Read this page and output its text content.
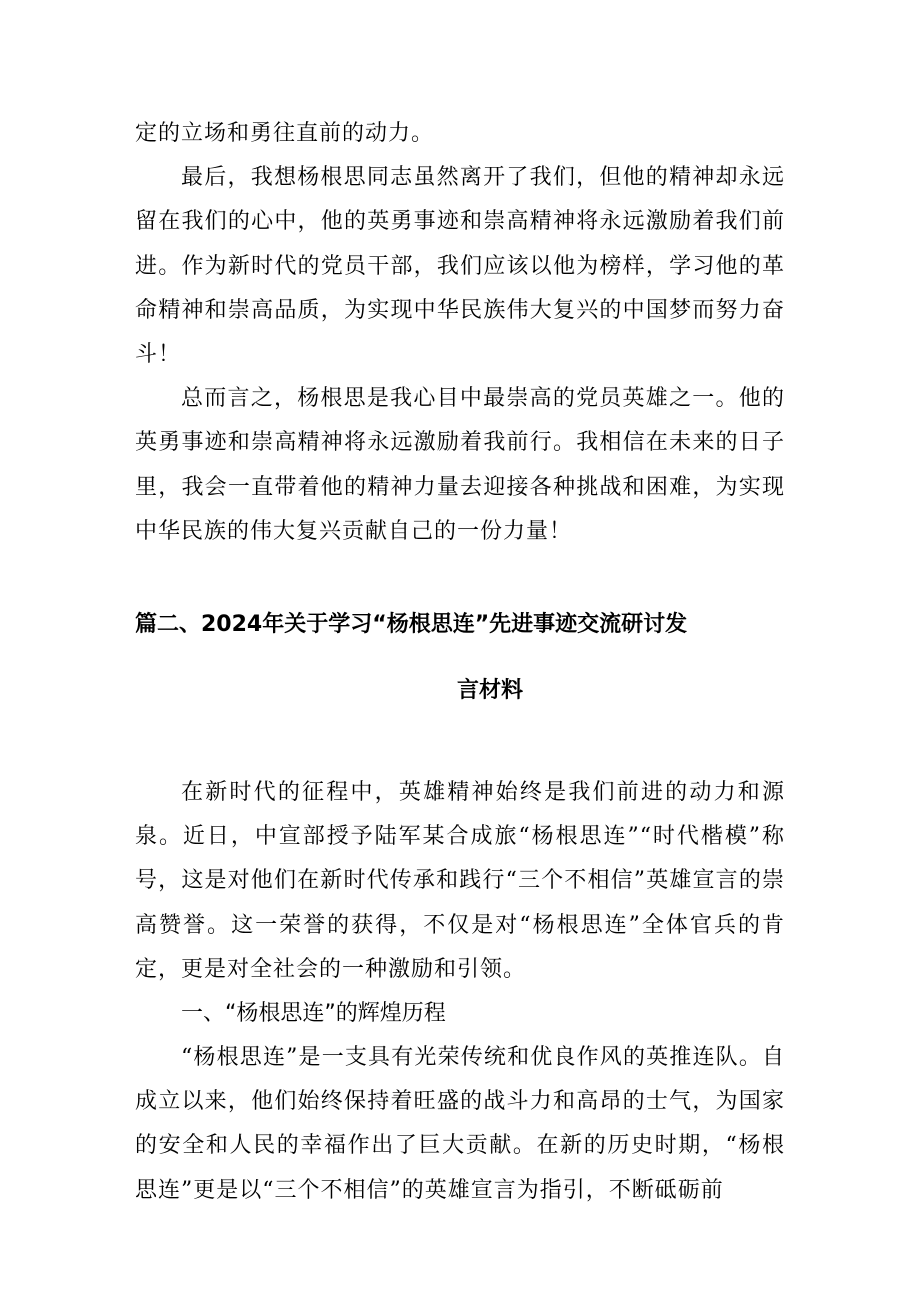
定的立场和勇往直前的动力。

最后，我想杨根思同志虽然离开了我们，但他的精神却永远留在我们的心中，他的英勇事迹和崇高精神将永远激励着我们前进。作为新时代的党员干部，我们应该以他为榜样，学习他的革命精神和崇高品质，为实现中华民族伟大复兴的中国梦而努力奋斗！

总而言之，杨根思是我心目中最崇高的党员英雄之一。他的英勇事迹和崇高精神将永远激励着我前行。我相信在未来的日子里，我会一直带着他的精神力量去迎接各种挑战和困难，为实现中华民族的伟大复兴贡献自己的一份力量！

篇二、2024年关于学习“杨根思连”先进事迹交流研讨发

言材料

在新时代的征程中，英雄精神始终是我们前进的动力和源泉。近日，中宣部授予陆军某合成旅“杨根思连”“时代楷模”称号，这是对他们在新时代传承和践行“三个不相信”英雄宣言的崇高赞誉。这一荣誉的获得，不仅是对“杨根思连”全体官兵的肯定，更是对全社会的一种激励和引领。

一、“杨根思连”的辉煌历程

“杨根思连”是一支具有光荣传统和优良作风的英推连队。自成立以来，他们始终保持着旺盛的战斗力和高昂的士气，为国家的安全和人民的幸福作出了巨大贡献。在新的历史时期，“杨根思连”更是以“三个不相信”的英雄宣言为指引，不断砥砺前
